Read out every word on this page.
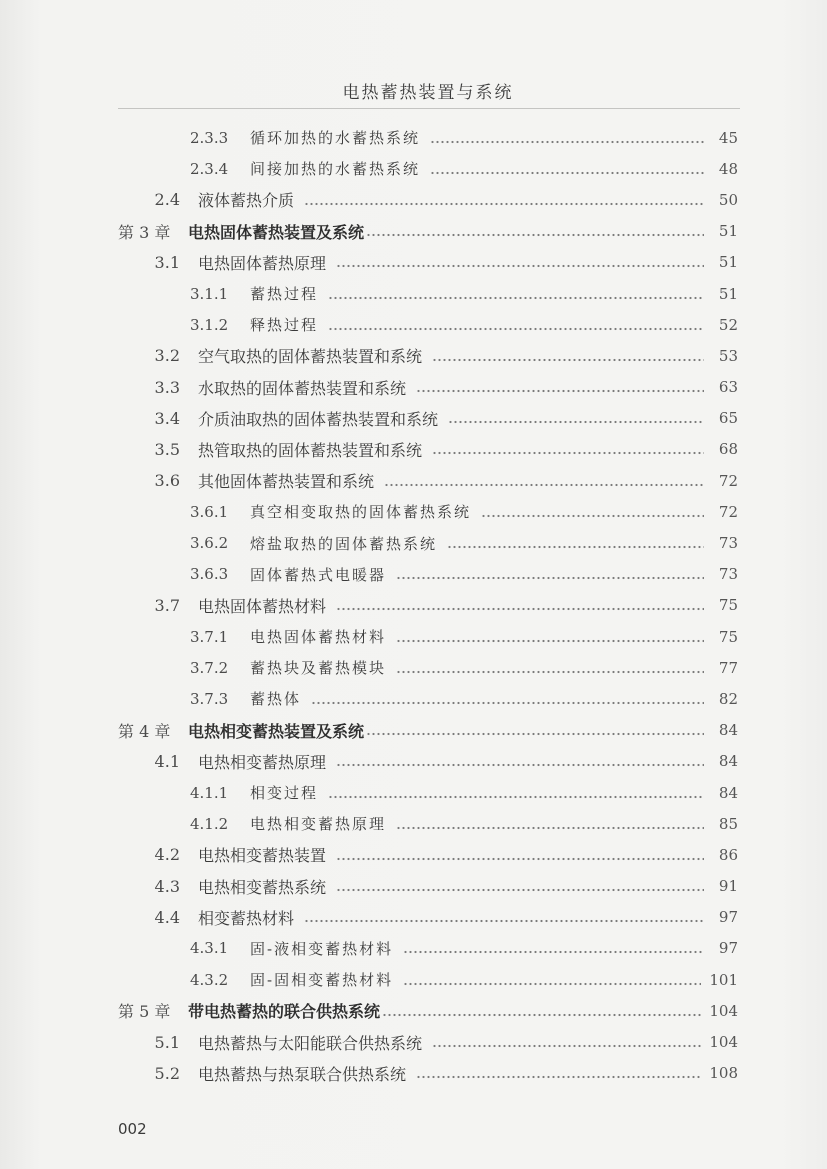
电热蓄热装置与系统
2.3.3	循环加热的水蓄热系统	45
2.3.4	间接加热的水蓄热系统	48
2.4 液体蓄热介质	50
第 3 章	电热固体蓄热装置及系统	51
3.1 电热固体蓄热原理	51
3.1.1	蓄热过程	51
3.1.2	释热过程	52
3.2 空气取热的固体蓄热装置和系统	53
3.3 水取热的固体蓄热装置和系统	63
3.4 介质油取热的固体蓄热装置和系统	65
3.5 热管取热的固体蓄热装置和系统	68
3.6 其他固体蓄热装置和系统	72
3.6.1	真空相变取热的固体蓄热系统	72
3.6.2	熔盐取热的固体蓄热系统	73
3.6.3	固体蓄热式电暖器	73
3.7 电热固体蓄热材料	75
3.7.1	电热固体蓄热材料	75
3.7.2	蓄热块及蓄热模块	77
3.7.3	蓄热体	82
第 4 章	电热相变蓄热装置及系统	84
4.1 电热相变蓄热原理	84
4.1.1	相变过程	84
4.1.2	电热相变蓄热原理	85
4.2 电热相变蓄热装置	86
4.3 电热相变蓄热系统	91
4.4 相变蓄热材料	97
4.3.1	固-液相变蓄热材料	97
4.3.2	固-固相变蓄热材料	101
第 5 章	带电热蓄热的联合供热系统	104
5.1 电热蓄热与太阳能联合供热系统	104
5.2 电热蓄热与热泵联合供热系统	108
002
